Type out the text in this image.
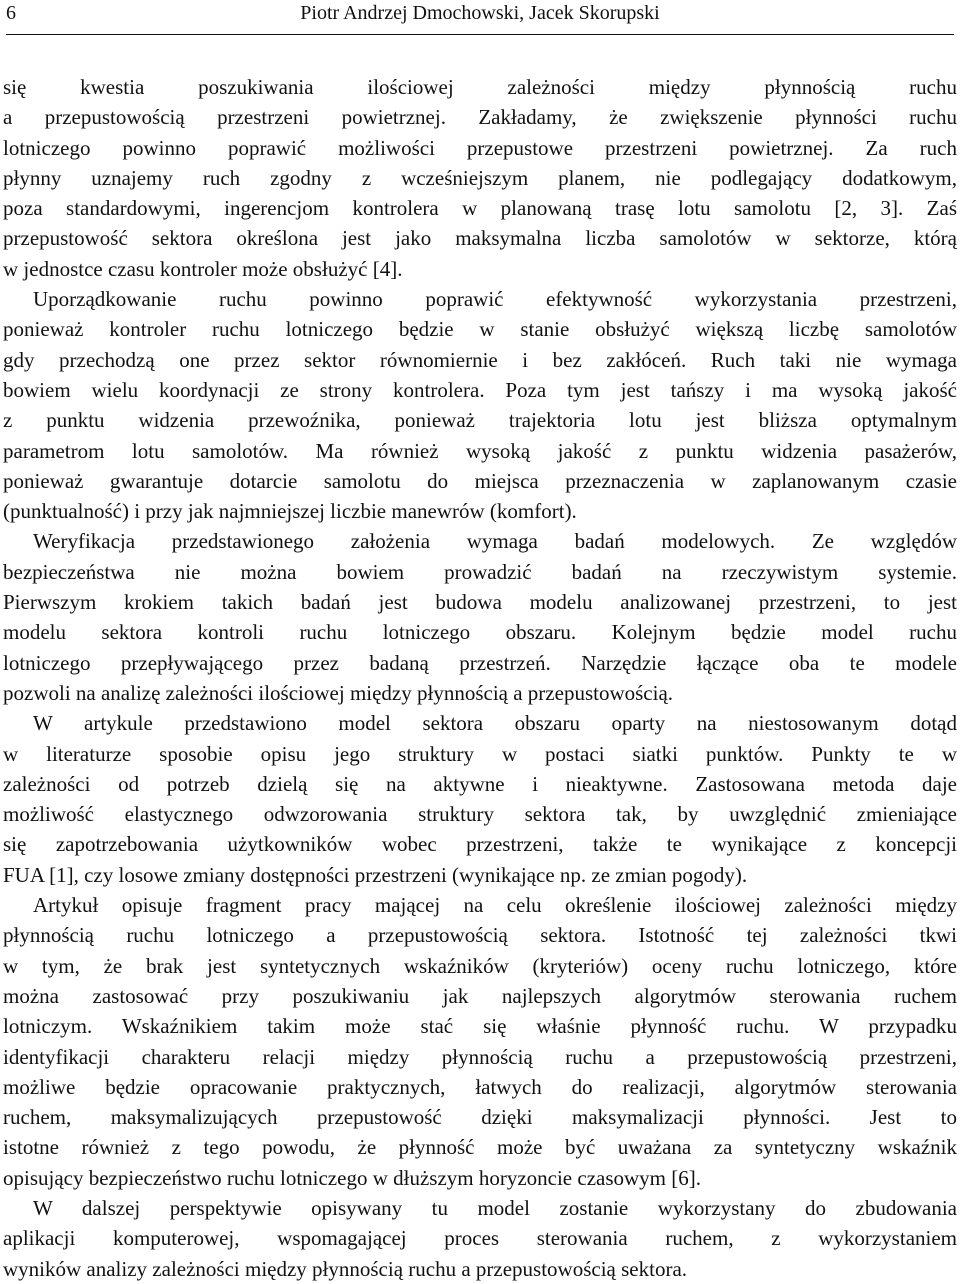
6	Piotr Andrzej Dmochowski, Jacek Skorupski
się kwestia poszukiwania ilościowej zależności między płynnością ruchu
a przepustowością przestrzeni powietrznej. Zakładamy, że zwiększenie płynności ruchu
lotniczego powinno poprawić możliwości przepustowe przestrzeni powietrznej. Za ruch
płynny uznajemy ruch zgodny z wcześniejszym planem, nie podlegający dodatkowym,
poza standardowymi, ingerencjom kontrolera w planowaną trasę lotu samolotu [2, 3]. Zaś
przepustowość sektora określona jest jako maksymalna liczba samolotów w sektorze, którą
w jednostce czasu kontroler może obsłużyć [4].
Uporządkowanie ruchu powinno poprawić efektywność wykorzystania przestrzeni,
ponieważ kontroler ruchu lotniczego będzie w stanie obsłużyć większą liczbę samolotów
gdy przechodzą one przez sektor równomiernie i bez zakłóceń. Ruch taki nie wymaga
bowiem wielu koordynacji ze strony kontrolera. Poza tym jest tańszy i ma wysoką jakość
z punktu widzenia przewoźnika, ponieważ trajektoria lotu jest bliższa optymalnym
parametrom lotu samolotów. Ma również wysoką jakość z punktu widzenia pasażerów,
ponieważ gwarantuje dotarcie samolotu do miejsca przeznaczenia w zaplanowanym czasie
(punktualność) i przy jak najmniejszej liczbie manewrów (komfort).
Weryfikacja przedstawionego założenia wymaga badań modelowych. Ze względów
bezpieczeństwa nie można bowiem prowadzić badań na rzeczywistym systemie.
Pierwszym krokiem takich badań jest budowa modelu analizowanej przestrzeni, to jest
modelu sektora kontroli ruchu lotniczego obszaru. Kolejnym będzie model ruchu
lotniczego przepływającego przez badaną przestrzeń. Narzędzie łączące oba te modele
pozwoli na analizę zależności ilościowej między płynnością a przepustowością.
W artykule przedstawiono model sektora obszaru oparty na niestosowanym dotąd
w literaturze sposobie opisu jego struktury w postaci siatki punktów. Punkty te w
zależności od potrzeb dzielą się na aktywne i nieaktywne. Zastosowana metoda daje
możliwość elastycznego odwzorowania struktury sektora tak, by uwzględnić zmieniające
się zapotrzebowania użytkowników wobec przestrzeni, także te wynikające z koncepcji
FUA [1], czy losowe zmiany dostępności przestrzeni (wynikające np. ze zmian pogody).
Artykuł opisuje fragment pracy mającej na celu określenie ilościowej zależności między
płynnością ruchu lotniczego a przepustowością sektora. Istotność tej zależności tkwi
w tym, że brak jest syntetycznych wskaźników (kryteriów) oceny ruchu lotniczego, które
można zastosować przy poszukiwaniu jak najlepszych algorytmów sterowania ruchem
lotniczym. Wskaźnikiem takim może stać się właśnie płynność ruchu. W przypadku
identyfikacji charakteru relacji między płynnością ruchu a przepustowością przestrzeni,
możliwe będzie opracowanie praktycznych, łatwych do realizacji, algorytmów sterowania
ruchem, maksymalizujących przepustowość dzięki maksymalizacji płynności. Jest to
istotne również z tego powodu, że płynność może być uważana za syntetyczny wskaźnik
opisujący bezpieczeństwo ruchu lotniczego w dłuższym horyzoncie czasowym [6].
W dalszej perspektywie opisywany tu model zostanie wykorzystany do zbudowania
aplikacji komputerowej, wspomagającej proces sterowania ruchem, z wykorzystaniem
wyników analizy zależności między płynnością ruchu a przepustowością sektora.
